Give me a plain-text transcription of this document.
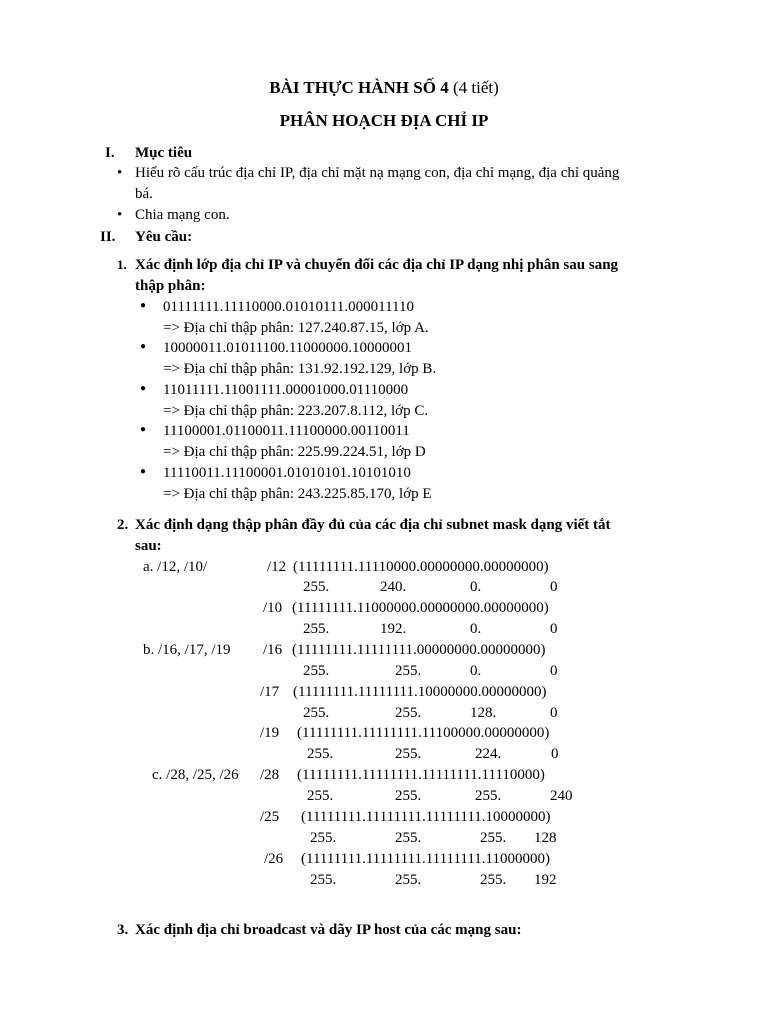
BÀI THỰC HÀNH SỐ 4 (4 tiết)
PHÂN HOẠCH ĐỊA CHỈ IP
I. Mục tiêu
• Hiểu rõ cấu trúc địa chỉ IP, địa chỉ mặt nạ mạng con, địa chỉ mạng, địa chỉ quảng
bá.
• Chia mạng con.
II. Yêu cầu:
1. Xác định lớp địa chỉ IP và chuyển đổi các địa chỉ IP dạng nhị phân sau sang
thập phân:
● 01111111.11110000.01010111.000011110
=> Địa chỉ thập phân: 127.240.87.15, lớp A.
● 10000011.01011100.11000000.10000001
=> Địa chỉ thập phân: 131.92.192.129, lớp B.
● 11011111.11001111.00001000.01110000
=> Địa chỉ thập phân: 223.207.8.112, lớp C.
● 11100001.01100011.11100000.00110011
=> Địa chỉ thập phân: 225.99.224.51, lớp D
● 11110011.11100001.01010101.10101010
=> Địa chỉ thập phân: 243.225.85.170, lớp E
2. Xác định dạng thập phân đầy đủ của các địa chỉ subnet mask dạng viết tắt
sau:
a. /12, /10/	/12 (11111111.11110000.00000000.00000000)
255.	240.	0.	0
/10 (11111111.11000000.00000000.00000000)
255.	192.	0.	0
b. /16, /17, /19 /16 (11111111.11111111.00000000.00000000)
255.	255.	0.	0
/17 (11111111.11111111.10000000.00000000)
255.	255.	128.	0
/19 (11111111.11111111.11100000.00000000)
255.	255.	224.	0
c. /28, /25, /26 /28 (11111111.11111111.11111111.11110000)
255.	255.	255.	240
/25 (11111111.11111111.11111111.10000000)
255.	255.	255. 128
/26 (11111111.11111111.11111111.11000000)
255.	255.	255. 192
3. Xác định địa chỉ broadcast và dãy IP host của các mạng sau:
